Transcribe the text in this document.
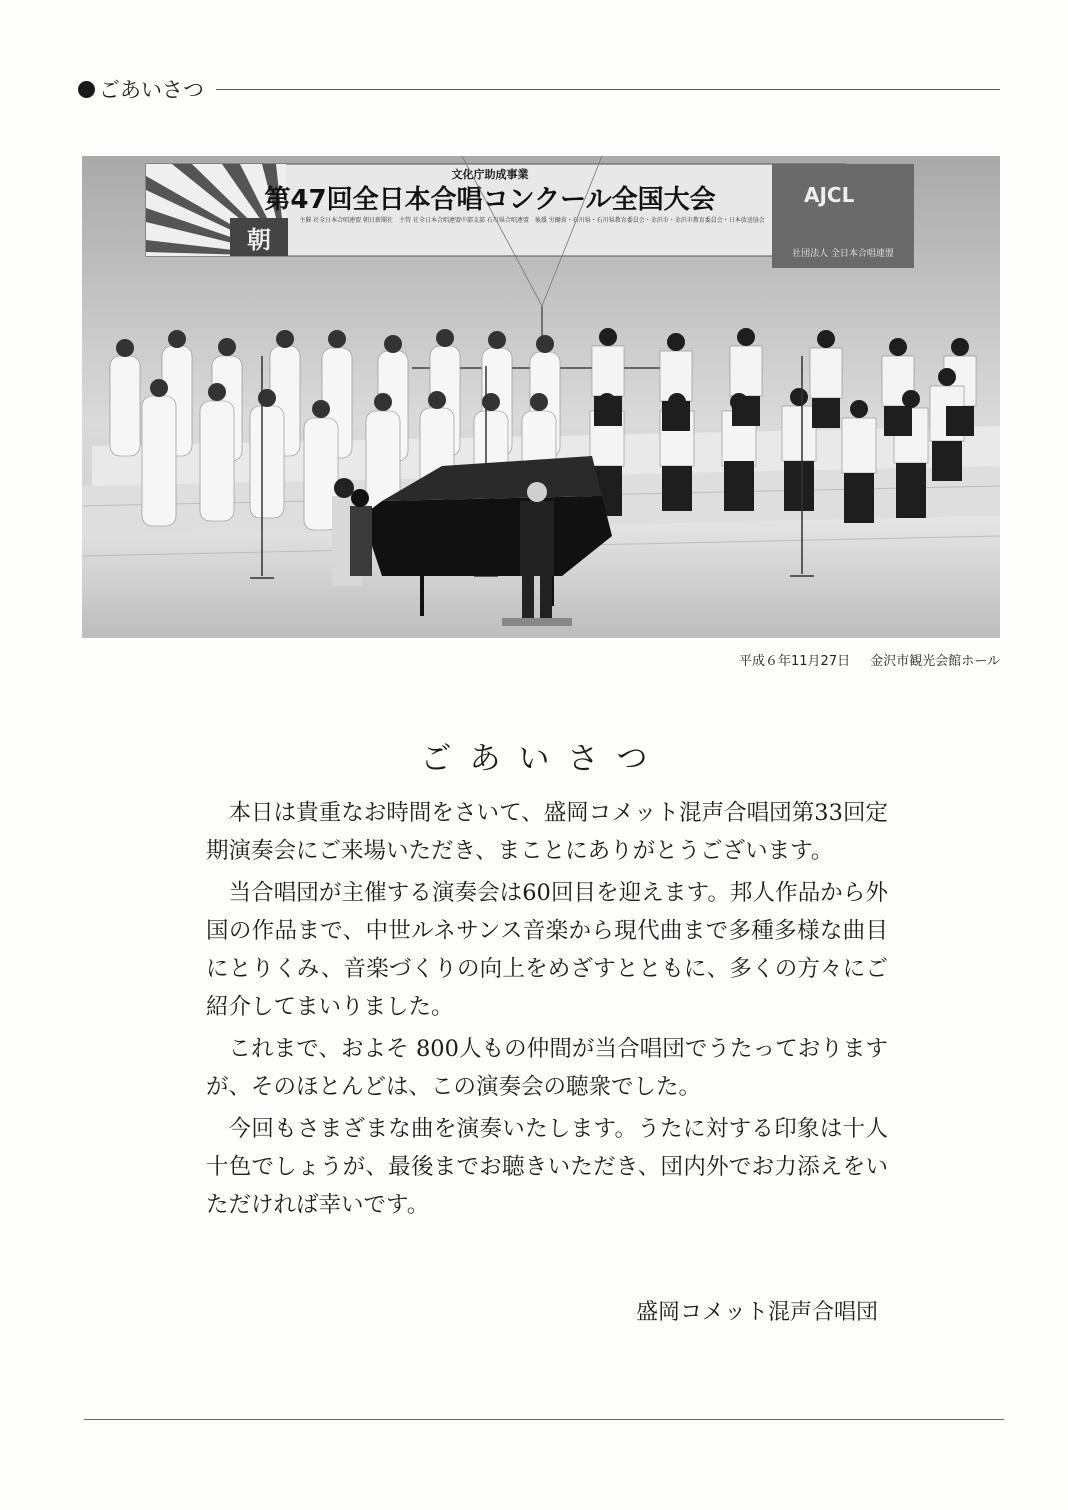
ごあいさつ
文化庁助成事業
第47回全日本合唱コンクール全国大会
主催 社全日本合唱連盟 朝日新聞社　主管 社全日本合唱連盟中部支部 石川県合唱連盟　後援 労働省・石川県・石川県教育委員会・金沢市・金沢市教育委員会・日本放送協会
朝
AJCL
社団法人 全日本合唱連盟
平成６年11月27日 金沢市観光会館ホール
ごあいさつ

本日は貴重なお時間をさいて、盛岡コメット混声合唱団第33回定期演奏会にご来場いただき、まことにありがとうございます。

当合唱団が主催する演奏会は60回目を迎えます。邦人作品から外国の作品まで、中世ルネサンス音楽から現代曲まで多種多様な曲目にとりくみ、音楽づくりの向上をめざすとともに、多くの方々にご紹介してまいりました。

これまで、およそ 800人もの仲間が当合唱団でうたっておりますが、そのほとんどは、この演奏会の聴衆でした。

今回もさまざまな曲を演奏いたします。うたに対する印象は十人十色でしょうが、最後までお聴きいただき、団内外でお力添えをいただければ幸いです。

盛岡コメット混声合唱団
